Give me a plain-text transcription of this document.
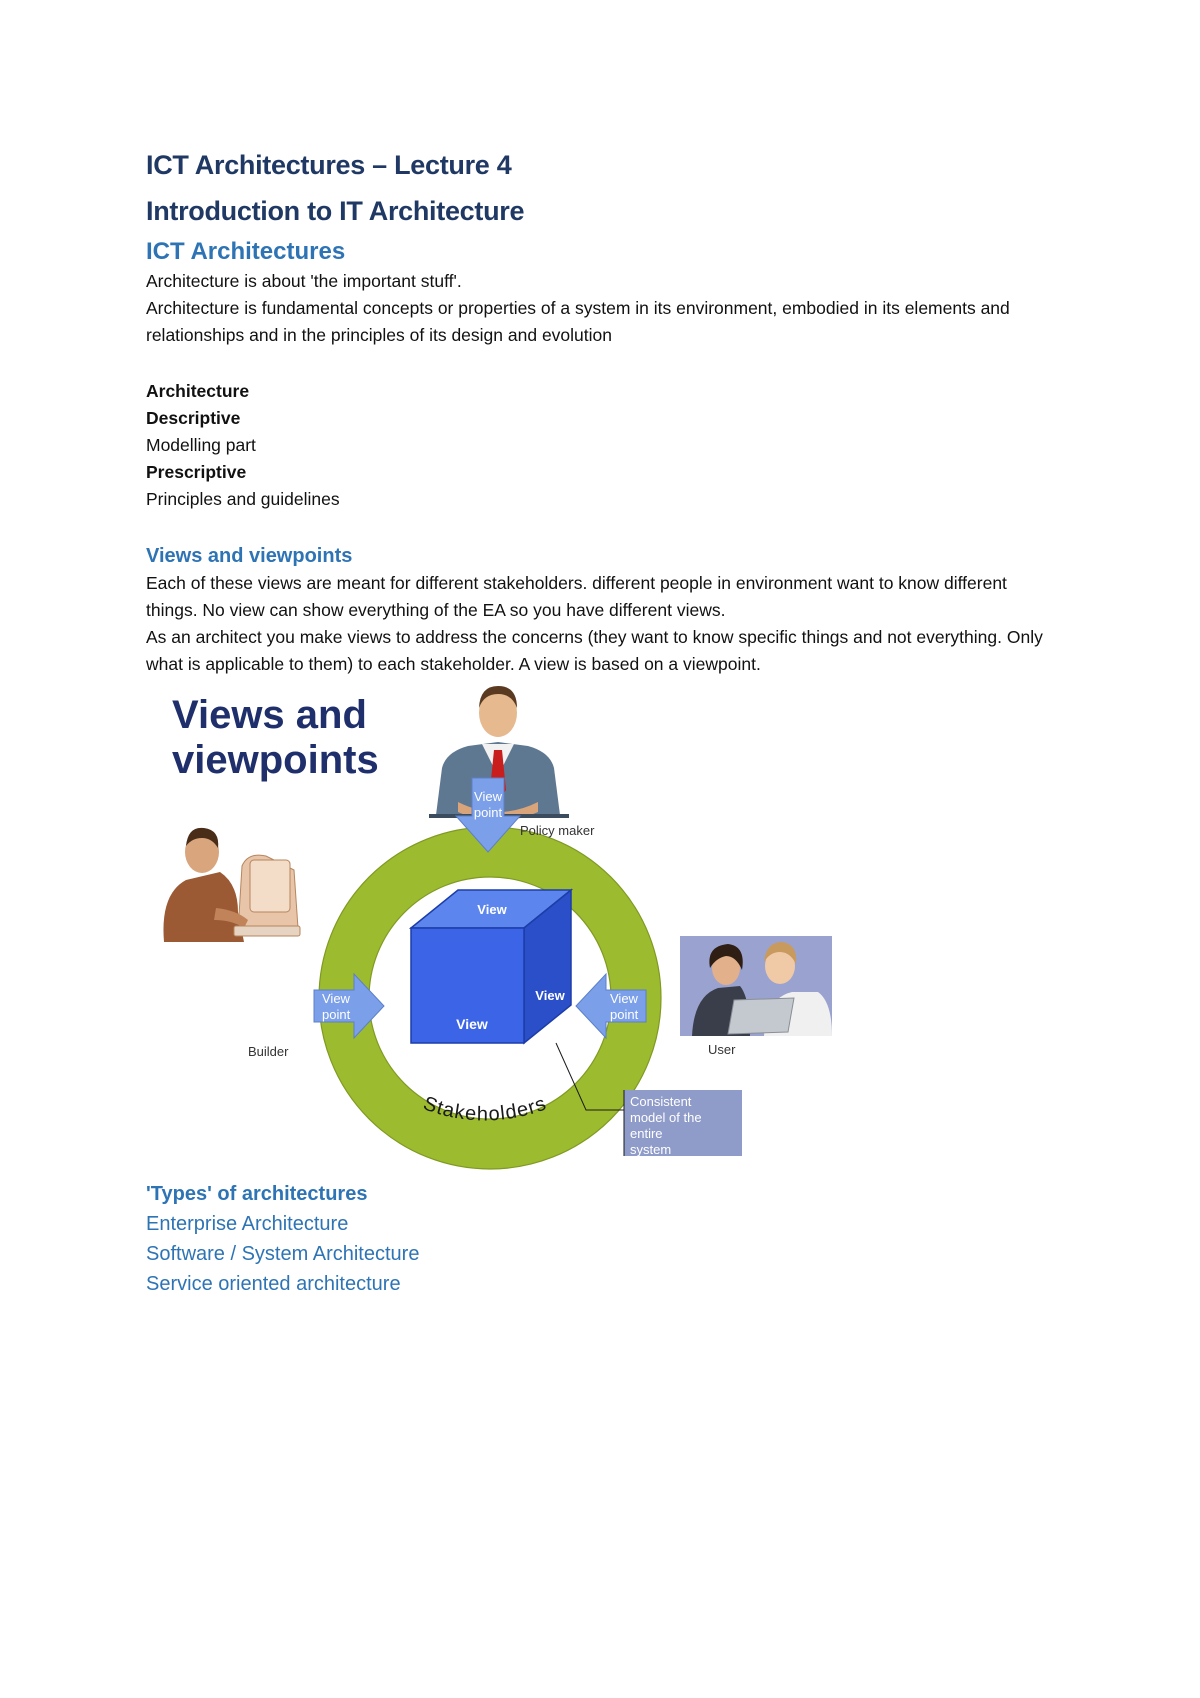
ICT Architectures – Lecture 4
Introduction to IT Architecture
ICT Architectures

Architecture is about 'the important stuff'.

Architecture is fundamental concepts or properties of a system in its environment, embodied in its elements and relationships and in the principles of its design and evolution

Architecture

Descriptive

Modelling part

Prescriptive

Principles and guidelines

Views and viewpoints

Each of these views are meant for different stakeholders. different people in environment want to know different things. No view can show everything of the EA so you have different views.

As an architect you make views to address the concerns (they want to know specific things and not everything. Only what is applicable to them) to each stakeholder. A view is based on a viewpoint.

Views and
viewpoints
Stakeholders
Policy maker
View
point
View
point
View
point
View
View
View
Consistent
model of the
entire
system
Builder	User
'Types' of architectures

Enterprise Architecture

Software / System Architecture

Service oriented architecture
